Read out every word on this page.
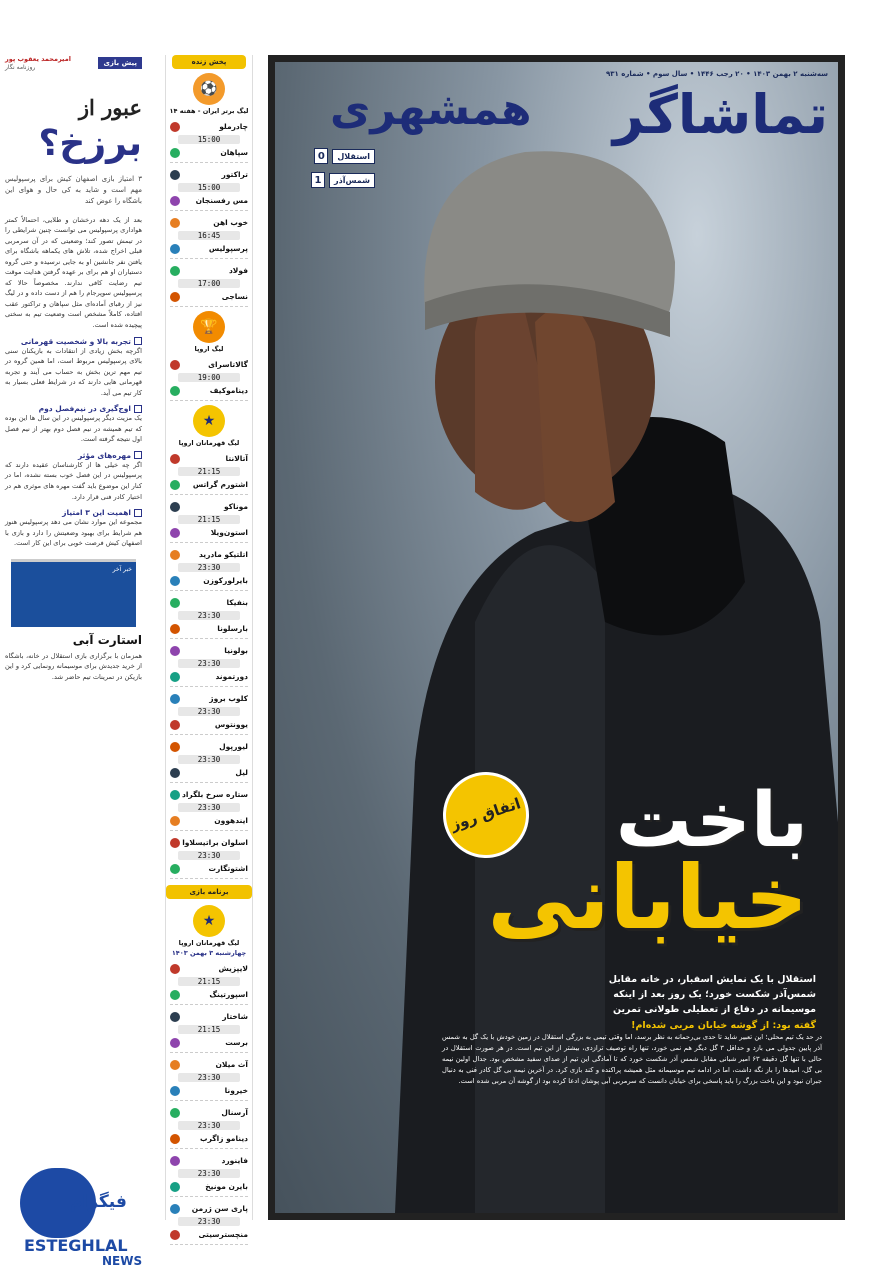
پیش بازی
امیرمحمد یعقوب پور
روزنامه نگار
عبور از
برزخ؟
۳ امتیاز بازی اصفهان کیش برای پرسپولیس مهم است و شاید به کی حال و هوای این باشگاه را عوض کند
بعد از یک دهه درخشان و طلایی، احتمالاً کمتر هواداری پرسپولیس می توانست چنین شرایطی را در تیمش تصور کند؛ وضعیتی که در آن سرمربی قبلی اخراج شده، تلاش های یکماهه باشگاه برای یافتن نفر جانشین او به جایی نرسیده و حتی گروه دستیاران او هم برای بر عهده گرفتن هدایت موقت تیم رضایت کافی ندارند. مخصوصاً حالا که پرسپولیس سوپرجام را هم از دست داده و در لیگ نیز از رقبای آماده‌ای مثل سپاهان و تراکتور عقب افتاده، کاملاً مشخص است وضعیت تیم به سختی پیچیده شده است.
تجربه بالا و شخصیت قهرمانی
اگرچه بخش زیادی از انتقادات به بازیکنان سنی بالای پرسپولیس مربوط است، اما همین گروه در تیم مهم ترین بخش به حساب می آیند و تجربه قهرمانی هایی دارند که در شرایط فعلی بسیار به کار تیم می آید.
اوج‌گیری در نیم‌فصل دوم
یک مزیت دیگر پرسپولیس در این سال ها این بوده که تیم همیشه در نیم فصل دوم بهتر از نیم فصل اول نتیجه گرفته است.
مهره‌های مؤثر
اگر چه خیلی ها از کارشناسان عقیده دارند که پرسپولیس در این فصل خوب بسته نشده، اما در کنار این موضوع باید گفت مهره های موثری هم در اختیار کادر فنی قرار دارد.
اهمیت این ۳ امتیاز
مجموعه این موارد نشان می دهد پرسپولیس هنوز هم شرایط برای بهبود وضعیتش را دارد و بازی با اصفهان کیش فرصت خوبی برای این کار است.
خبر آخر
استارت آبی
همزمان با برگزاری بازی استقلال در خانه، باشگاه از خرید جدیدش برای موسیمانه رونمایی کرد و این بازیکن در تمرینات تیم حاضر شد.
پخش زنده
⚽
لیگ برتر ایران - هفته ۱۴
چادرملو
15:00
سپاهان
تراکتور
15:00
مس رفسنجان
خوب اهن
16:45
پرسپولیس
فولاد
17:00
نساجی
🏆
لیگ اروپا
گالاتاسرای
19:00
دیناموکیف
★
لیگ قهرمانان اروپا
آتالانتا
21:15
اشتورم گراتس
موناکو
21:15
استون‌ویلا
اتلتیکو مادرید
23:30
بایرلورکوزن
بنفیکا
23:30
بارسلونا
بولونیا
23:30
دورتموند
کلوب بروژ
23:30
یوونتوس
لیورپول
23:30
لیل
ستاره سرخ بلگراد
23:30
ایندهوون
اسلوان براتیسلاوا
23:30
اشتوتگارت
برنامه بازی
★
لیگ قهرمانان اروپا
چهارشنبه ۳ بهمن ۱۴۰۳
لایپزیش
21:15
اسپورتینگ
شاختار
21:15
برست
آث میلان
23:30
خیرونا
آرسنال
23:30
دینامو زاگرب
فاینورد
23:30
بایرن مونیخ
پاری سن ژرمن
23:30
منچسترسیتی
سه‌شنبه ۲ بهمن ۱۴۰۳ • ۲۰ رجب ۱۴۴۶ • سال سوم • شماره ۹۳۱
تماشاگر
همشهری
استقلال
0
شمس‌آذر
1
اتفاق روز	باخت
خیابانی
استقلال با یک نمایش اسفبار، در خانه مقابل
شمس‌آذر شکست خورد؛ یک روز بعد از اینکه
موسیمانه در دفاع از تعطیلی طولانی تمرین
گفته بود: از گوشه خیابان مربی شده‌ام!
در حد یک تیم محلی؛ این تعبیر شاید تا حدی بی‌رحمانه به نظر برسد، اما وقتی تیمی به بزرگی استقلال در زمین خودش با یک گل به شمس آذر پایین جدولی می بازد و حداقل ۳ گل دیگر هم نمی خورد، تنها راه توصیف ترازدی، بیشتر از این تیم است. در هر صورت استقلال در حالی با تنها گل دقیقه ۶۳ امیر شبانی مقابل شمس آذر شکست خورد که تا آمادگی این تیم از صدای سفید مشخص بود. جدال اولین نیمه بی گل، امیدها را باز نگه داشت، اما در ادامه تیم موسیمانه مثل همیشه پراکنده و کند بازی کرد. در آخرین نیمه بی گل کادر فنی به دنبال جبران نبود و این باخت بزرگ را باید پاسخی برای خیابان دانست که سرمربی آبی پوشان ادعا کرده بود از گوشه آن مربی شده است.
فیگرام
ESTEGHLAL
NEWS
